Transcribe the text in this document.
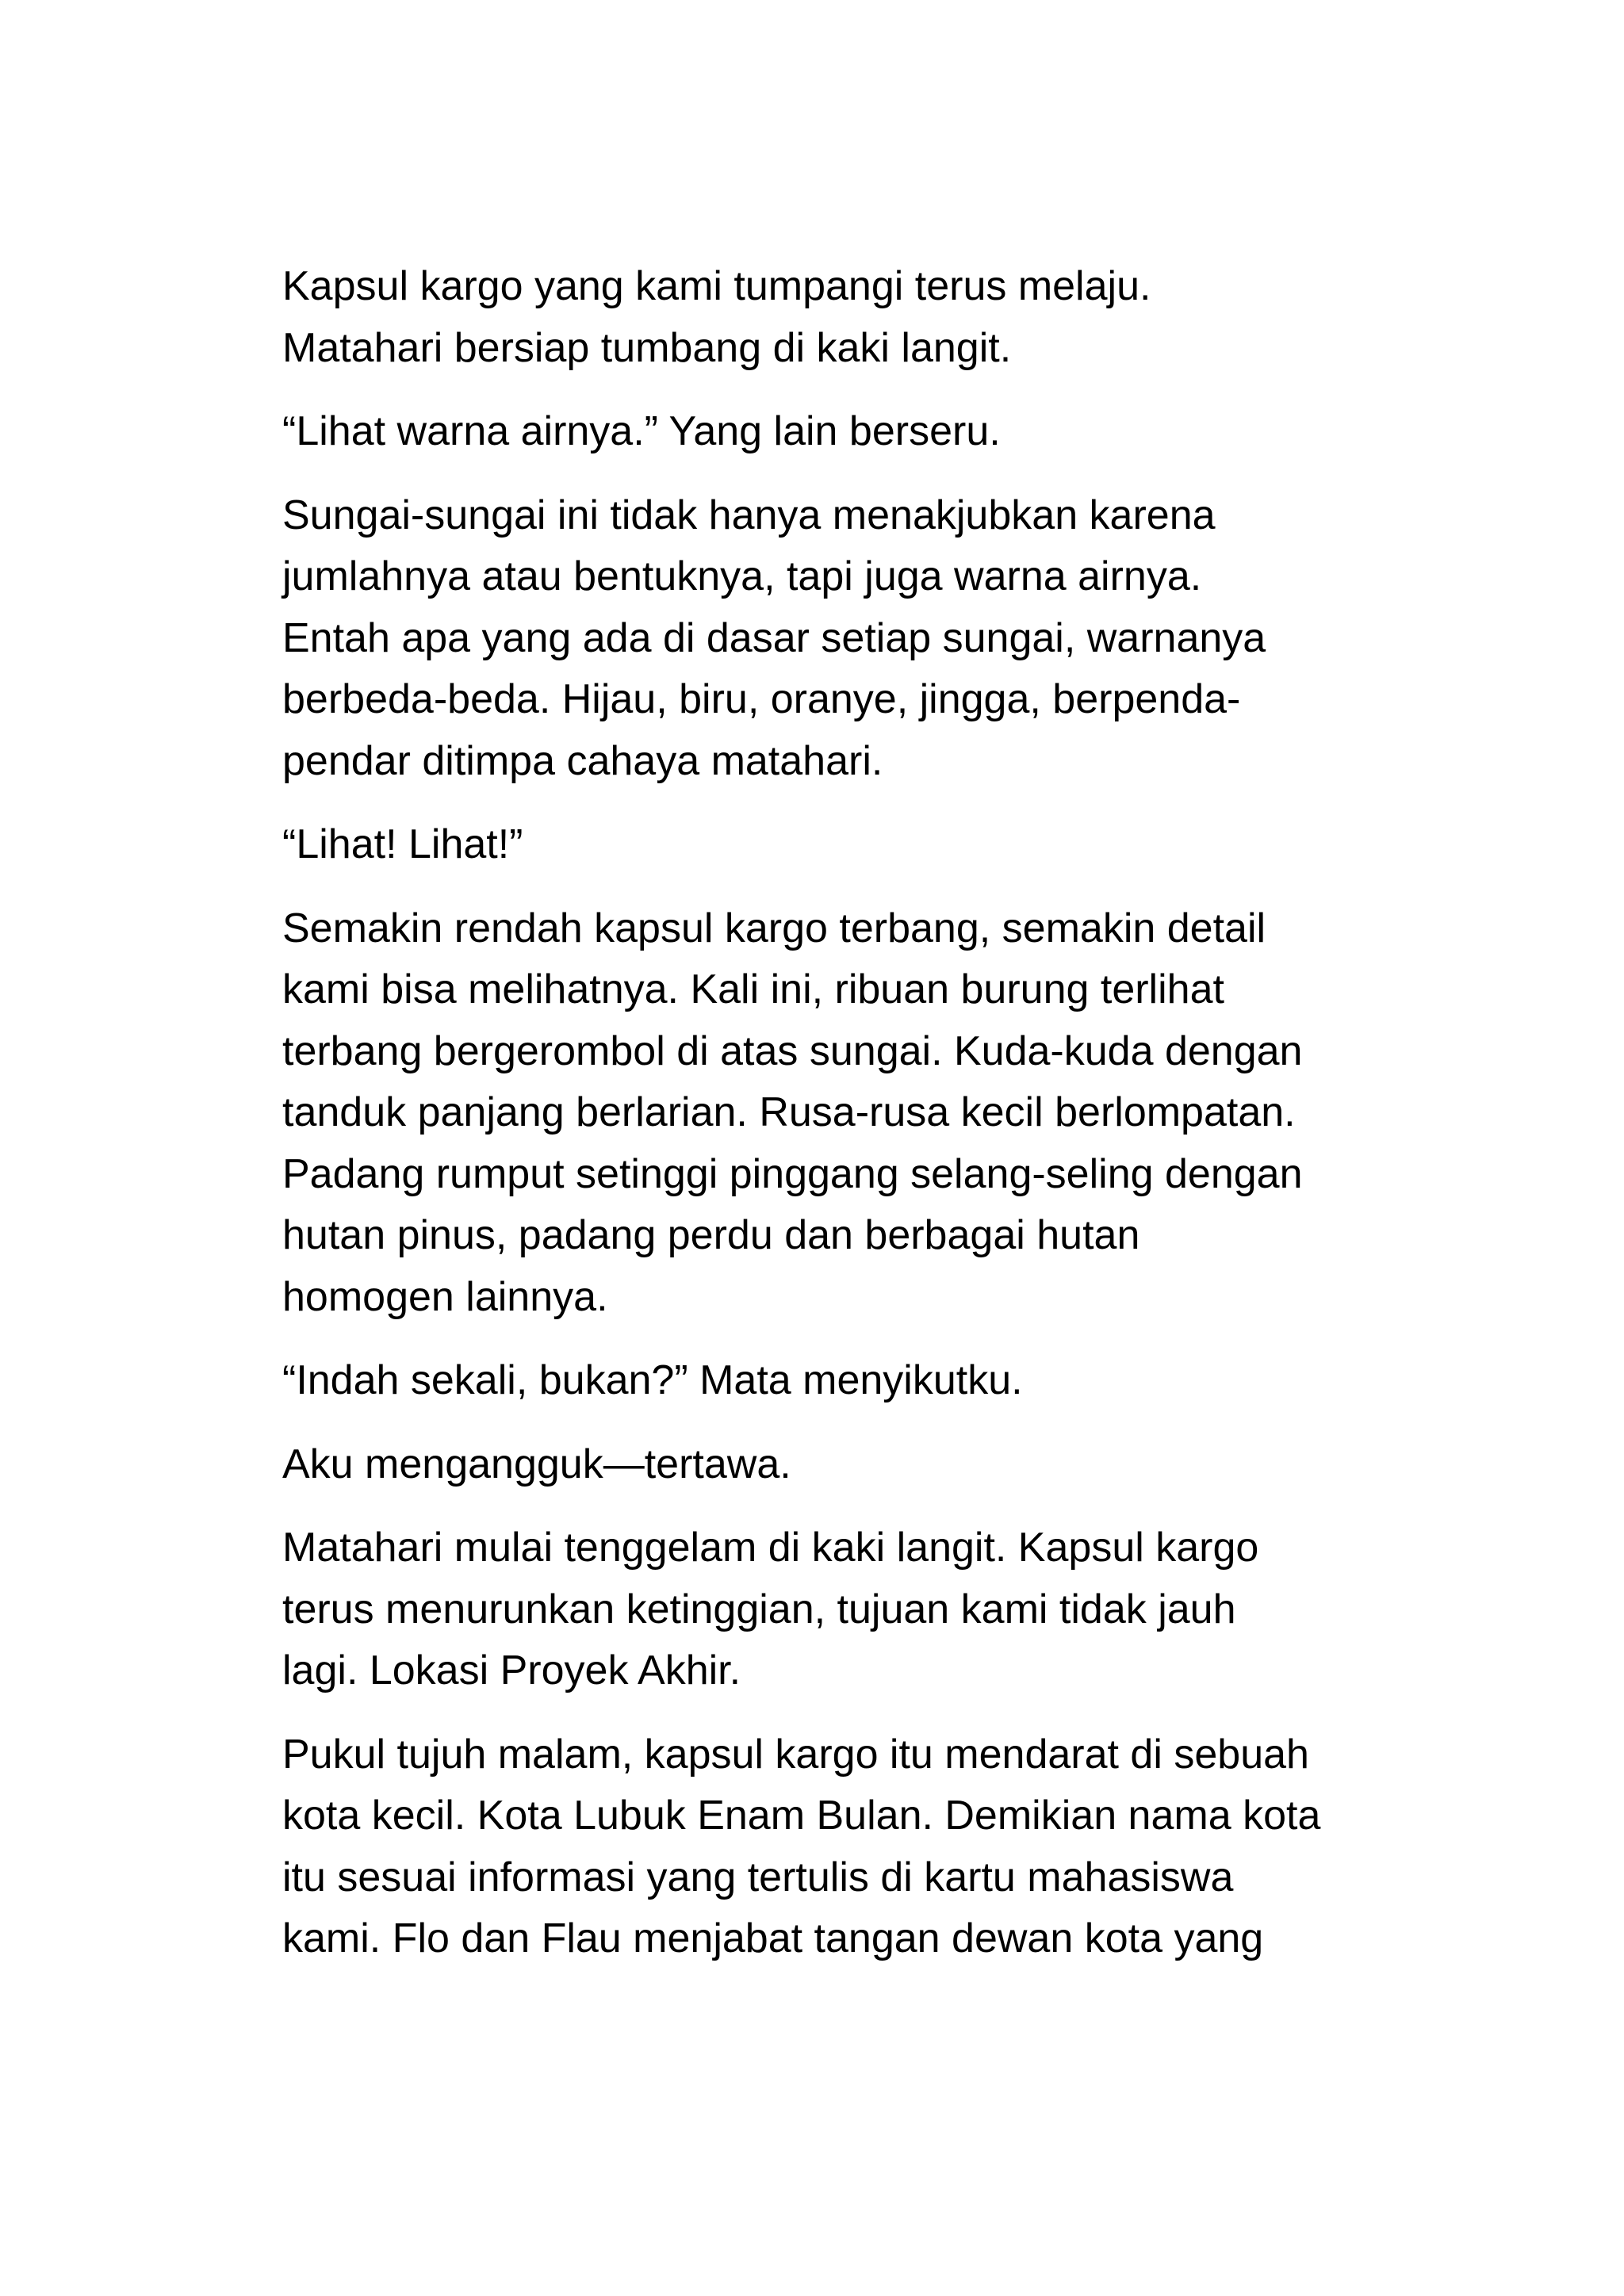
Kapsul kargo yang kami tumpangi terus melaju.
Matahari bersiap tumbang di kaki langit.

“Lihat warna airnya.” Yang lain berseru.

Sungai-sungai ini tidak hanya menakjubkan karena
jumlahnya atau bentuknya, tapi juga warna airnya.
Entah apa yang ada di dasar setiap sungai, warnanya
berbeda-beda. Hijau, biru, oranye, jingga, berpenda-
pendar ditimpa cahaya matahari.

“Lihat! Lihat!”

Semakin rendah kapsul kargo terbang, semakin detail
kami bisa melihatnya. Kali ini, ribuan burung terlihat
terbang bergerombol di atas sungai. Kuda-kuda dengan
tanduk panjang berlarian. Rusa-rusa kecil berlompatan.
Padang rumput setinggi pinggang selang-seling dengan
hutan pinus, padang perdu dan berbagai hutan
homogen lainnya.

“Indah sekali, bukan?” Mata menyikutku.

Aku mengangguk—tertawa.

Matahari mulai tenggelam di kaki langit. Kapsul kargo
terus menurunkan ketinggian, tujuan kami tidak jauh
lagi. Lokasi Proyek Akhir.

Pukul tujuh malam, kapsul kargo itu mendarat di sebuah
kota kecil. Kota Lubuk Enam Bulan. Demikian nama kota
itu sesuai informasi yang tertulis di kartu mahasiswa
kami. Flo dan Flau menjabat tangan dewan kota yang
